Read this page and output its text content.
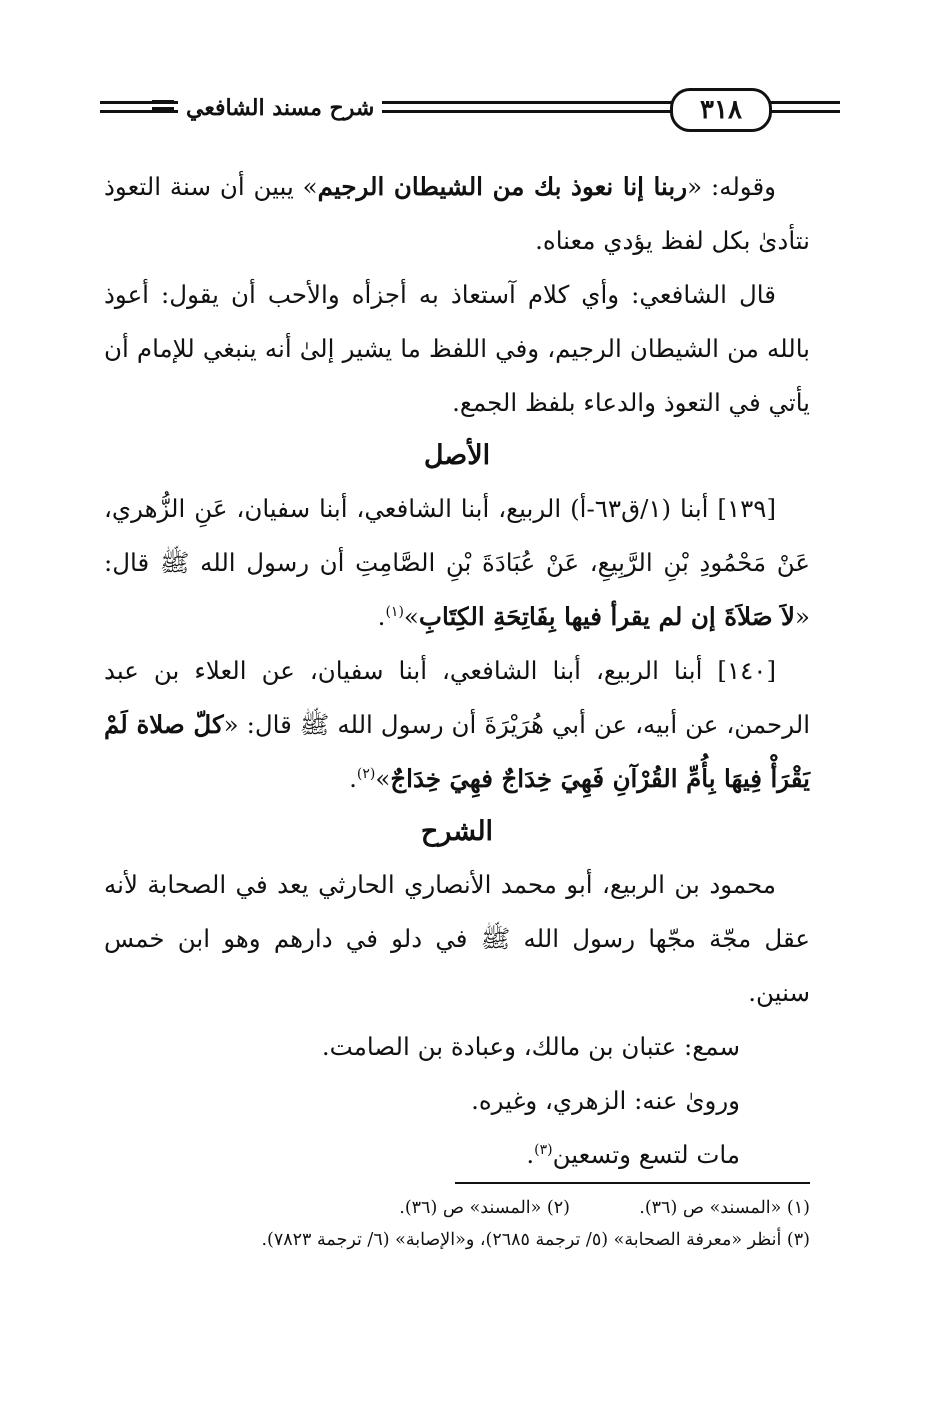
شرح مسند الشافعي	٣١٨

وقوله: «ربنا إنا نعوذ بك من الشيطان الرجيم» يبين أن سنة التعوذ نتأدىٰ بكل لفظ يؤدي معناه.

قال الشافعي: وأي كلام آستعاذ به أجزأه والأحب أن يقول: أعوذ بالله من الشيطان الرجيم، وفي اللفظ ما يشير إلىٰ أنه ينبغي للإمام أن يأتي في التعوذ والدعاء بلفظ الجمع.

الأصل

[١٣٩] أبنا (١/ق٦٣-أ) الربيع، أبنا الشافعي، أبنا سفيان، عَنِ الزُّهري، عَنْ مَحْمُودِ بْنِ الرَّبِيعِ، عَنْ عُبَادَةَ بْنِ الصَّامِتِ أن رسول الله ﷺ قال: «لاَ صَلاَةَ إن لم يقرأ فيها بِفَاتِحَةِ الكِتَابِ»$^{(١)}$.

[١٤٠] أبنا الربيع، أبنا الشافعي، أبنا سفيان، عن العلاء بن عبد الرحمن، عن أبيه، عن أبي هُرَيْرَةَ أن رسول الله ﷺ قال: «كلّ صلاة لَمْ يَقْرَأْ فِيهَا بِأُمِّ القُرْآنِ فَهِيَ خِدَاجٌ فهِيَ خِدَاجٌ»$^{(٢)}$.

الشرح

محمود بن الربيع، أبو محمد الأنصاري الحارثي يعد في الصحابة لأنه عقل مجّة مجّها رسول الله ﷺ في دلو في دارهم وهو ابن خمس سنين.

سمع: عتبان بن مالك، وعبادة بن الصامت.

وروىٰ عنه: الزهري، وغيره.

مات لتسع وتسعين$^{(٣)}$.

(١) «المسند» ص (٣٦).
(٢) «المسند» ص (٣٦).
(٣) أنظر «معرفة الصحابة» (٥/ ترجمة ٢٦٨٥)، و«الإصابة» (٦/ ترجمة ٧٨٢٣).
